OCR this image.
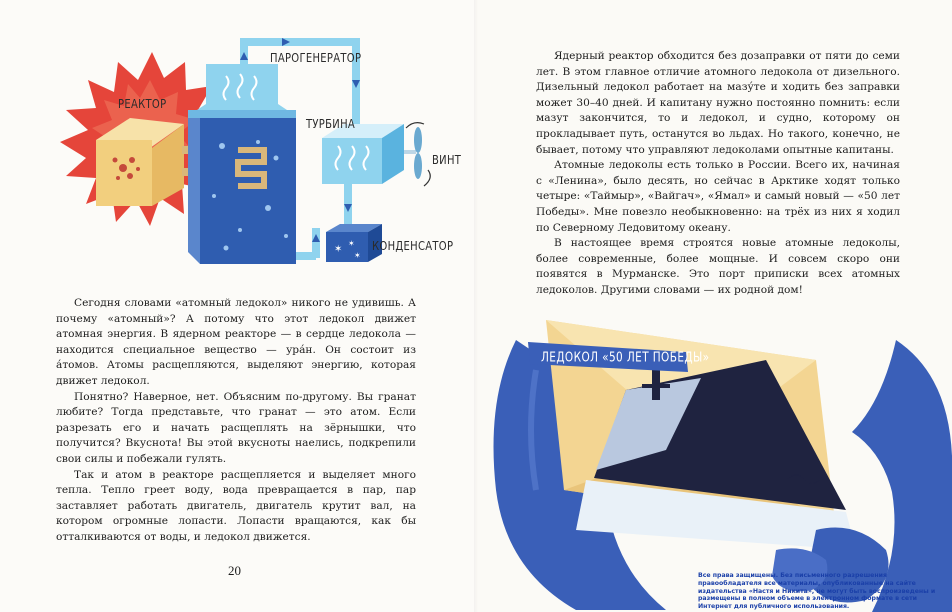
✶
✶
✶
РЕАКТОР
ПАРОГЕНЕРАТОР
ТУРБИНА
ВИНТ
КОНДЕНСАТОР

Сегодня словами «атомный ледокол» никого не удивишь. А почему «атомный»? А потому что этот ледокол движет атомная энергия. В ядерном реакторе — в сердце ледокола — находится специальное вещество — ура́н. Он состоит из а́томов. Атомы расщепляются, выделяют энергию, которая движет ледокол.

Понятно? Наверное, нет. Объясним по-другому. Вы гранат любите? Тогда представьте, что гранат — это атом. Если разрезать его и начать расщеплять на зёрнышки, что получится? Вкуснота! Вы этой вкусноты наелись, подкрепили свои силы и побежали гулять.

Так и атом в реакторе расщепляется и выделяет много тепла. Тепло греет воду, вода превращается в пар, пар заставляет работать двигатель, двигатель крутит вал, на котором огромные лопасти. Лопасти вращаются, как бы отталкиваются от воды, и ледокол движется.

20
ЛЕДОКОЛ «50 ЛЕТ ПОБЕДЫ»

Ядерный реактор обходится без дозаправки от пяти до семи лет. В этом главное отличие атомного ледокола от дизельного. Дизельный ледокол работает на мазу́те и ходить без заправки может 30–40 дней. И капитану нужно постоянно помнить: если мазут закончится, то и ледокол, и судно, которому он прокладывает путь, останутся во льдах. Но такого, конечно, не бывает, потому что управляют ледоколами опытные капитаны.

Атомные ледоколы есть только в России. Всего их, начиная с «Ленина», было десять, но сейчас в Арктике ходят только четыре: «Таймыр», «Вайгач», «Ямал» и самый новый — «50 лет Победы». Мне повезло необыкновенно: на трёх из них я ходил по Северному Ледовитому океану.

В настоящее время строятся новые атомные ледоколы, более современные, более мощные. И совсем скоро они появятся в Мурманске. Это порт приписки всех атомных ледоколов. Другими словами — их родной дом!

Все права защищены. Без письменного разрешения правообладателя все материалы, опубликованные на сайте издательства «Настя и Никита», не могут быть воспроизведены и размещены в полном объеме в электронном формате в сети Интернет для публичного использования.
